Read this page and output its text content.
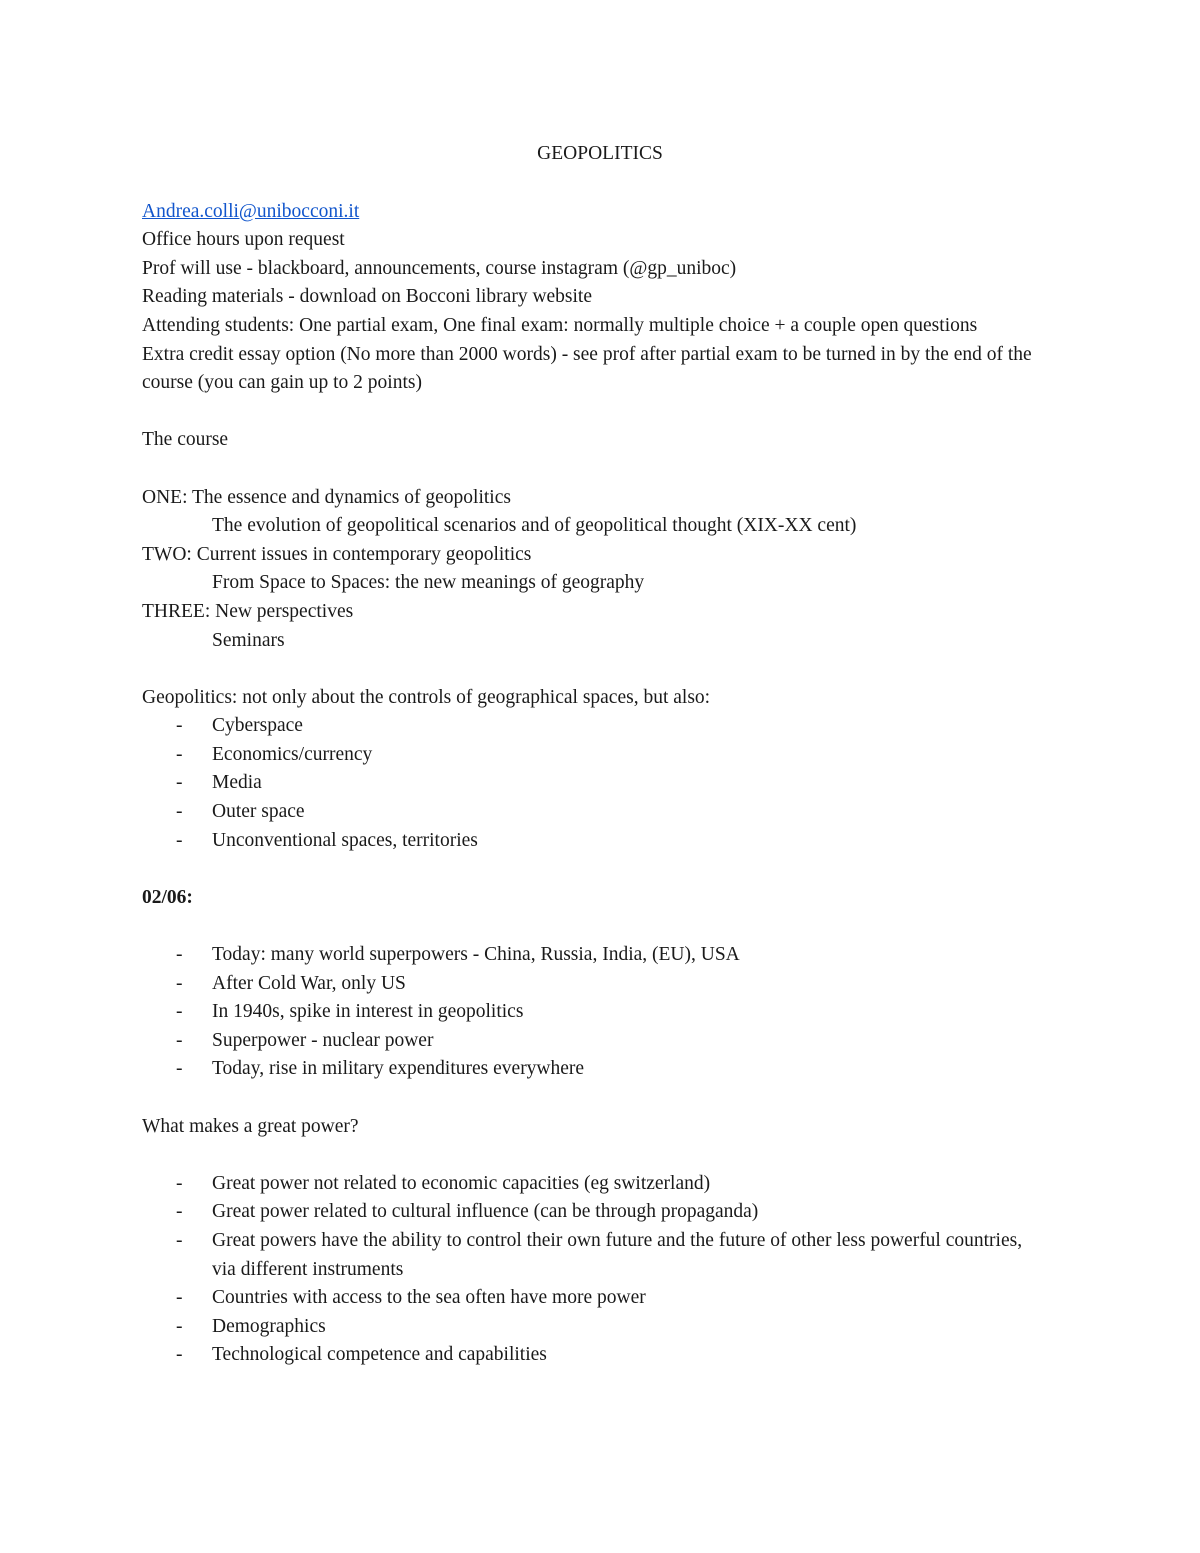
GEOPOLITICS

Andrea.colli@unibocconi.it

Office hours upon request

Prof will use - blackboard, announcements, course instagram (@gp_uniboc)

Reading materials - download on Bocconi library website

Attending students: One partial exam, One final exam: normally multiple choice + a couple open questions

Extra credit essay option (No more than 2000 words) - see prof after partial exam to be turned in by the end of the course (you can gain up to 2 points)

The course

ONE: The essence and dynamics of geopolitics

The evolution of geopolitical scenarios and of geopolitical thought (XIX-XX cent)

TWO: Current issues in contemporary geopolitics

From Space to Spaces: the new meanings of geography

THREE: New perspectives

Seminars

Geopolitics: not only about the controls of geographical spaces, but also:

- Cyberspace
- Economics/currency
- Media
- Outer space
- Unconventional spaces, territories

02/06:

- Today: many world superpowers - China, Russia, India, (EU), USA
- After Cold War, only US
- In 1940s, spike in interest in geopolitics
- Superpower - nuclear power
- Today, rise in military expenditures everywhere

What makes a great power?

- Great power not related to economic capacities (eg switzerland)
- Great power related to cultural influence (can be through propaganda)
- Great powers have the ability to control their own future and the future of other less powerful countries, via different instruments
- Countries with access to the sea often have more power
- Demographics
- Technological competence and capabilities
